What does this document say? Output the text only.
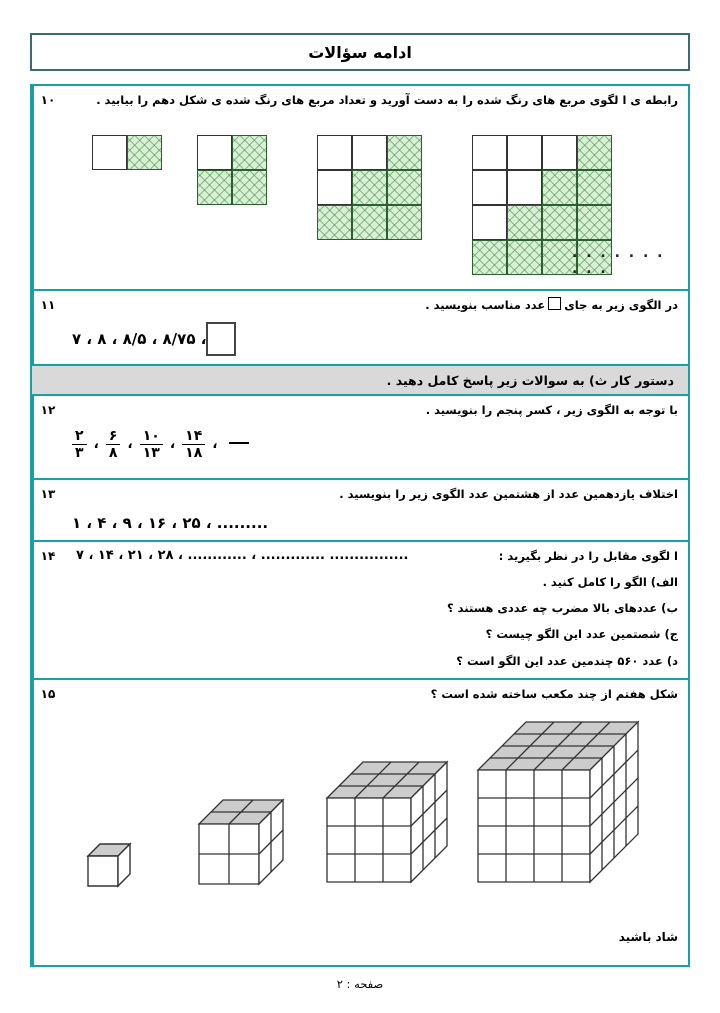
ادامه سؤالات
رابطه ی ا لگوی مربع های رنگ شده را به دست آورید و تعداد مربع های رنگ شده ی شکل دهم را بیابید .
. . . . . . . . . .
۱۰
در الگوی زیر به جایعدد مناسب بنویسید .
۷ ، ۸ ، ۸/۵ ، ۸/۷۵ ،
۱۱
دستور کار ث) به سوالات زیر پاسخ کامل دهید .
با توجه به الگوی زیر ، کسر پنجم را بنویسید .
$\frac{۲}{۳}$ ، $\frac{۶}{۸}$ ، $\frac{۱۰}{۱۳}$ ، $\frac{۱۴}{۱۸}$ ،
۱۲
اختلاف یازدهمین عدد از هشتمین عدد الگوی زیر را بنویسید .
۱ ، ۴ ، ۹ ، ۱۶ ، ۲۵ ، .........
۱۳
ا لگوی مقابل را در نظر بگیرید :
۷ ، ۱۴ ، ۲۱ ، ۲۸ ، ............ ، ............. ................
الف) الگو را کامل کنید .
ب) عددهای بالا مضرب چه عددی هستند ؟
ج) شصتمین عدد این الگو چیست ؟
د) عدد ۵۶۰ چندمین عدد این الگو است ؟
۱۴
شکل هفتم از چند مکعب ساخته شده است ؟
شاد باشید
۱۵
صفحه : ۲
